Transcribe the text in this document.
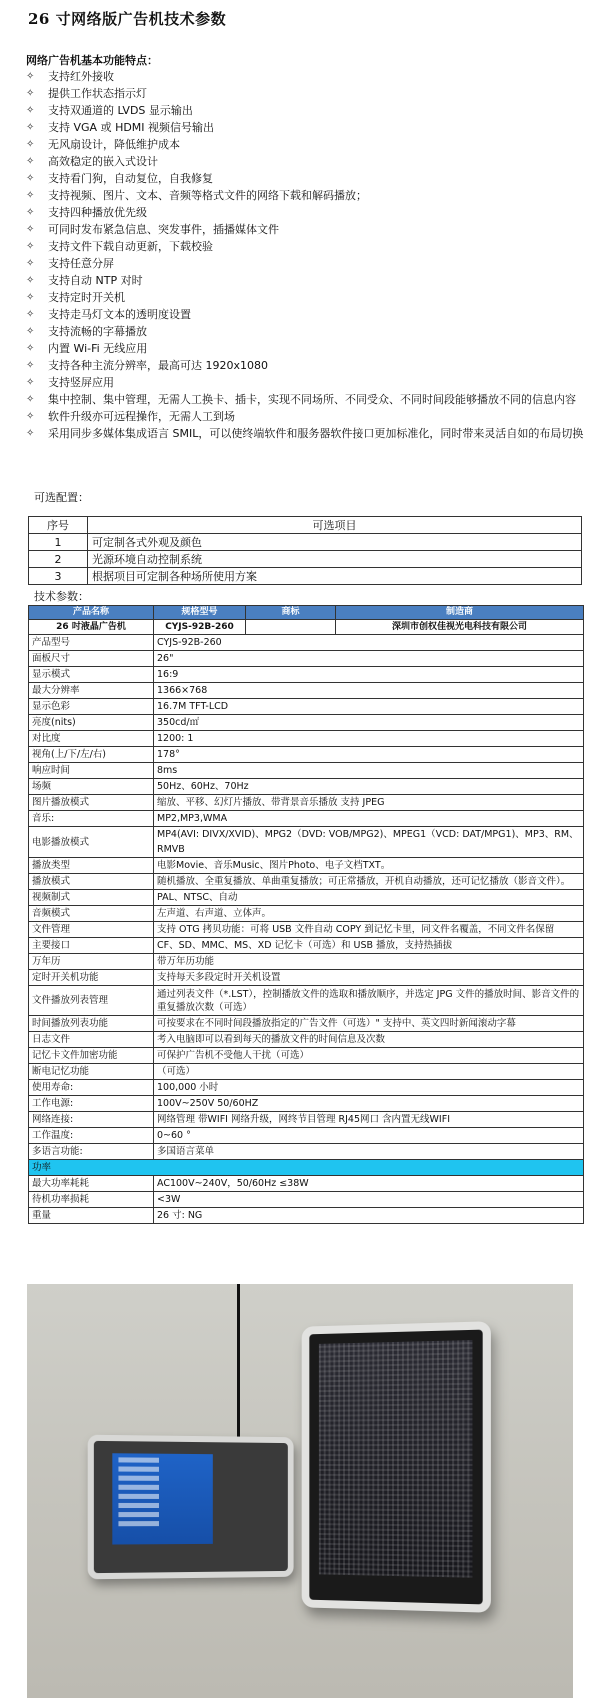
26 寸网络版广告机技术参数
网络广告机基本功能特点：
✧ 支持红外接收
✧ 提供工作状态指示灯
✧ 支持双通道的 LVDS 显示输出
✧ 支持 VGA 或 HDMI 视频信号输出
✧ 无风扇设计，降低维护成本
✧ 高效稳定的嵌入式设计
✧ 支持看门狗，自动复位，自我修复
✧ 支持视频、图片、文本、音频等格式文件的网络下载和解码播放；
✧ 支持四种播放优先级
✧ 可同时发布紧急信息、突发事件，插播媒体文件
✧ 支持文件下载自动更新，下载校验
✧ 支持任意分屏
✧ 支持自动 NTP 对时
✧ 支持定时开关机
✧ 支持走马灯文本的透明度设置
✧ 支持流畅的字幕播放
✧ 内置 Wi-Fi 无线应用
✧ 支持各种主流分辨率，最高可达 1920x1080
✧ 支持竖屏应用
✧ 集中控制、集中管理，无需人工换卡、插卡，实现不同场所、不同受众、不同时间段能够播放不同的信息内容
✧ 软件升级亦可远程操作，无需人工到场
✧ 采用同步多媒体集成语言 SMIL，可以使终端软件和服务器软件接口更加标准化，同时带来灵活自如的布局切换
可选配置：
序号	可选项目
1	可定制各式外观及颜色
2	光源环境自动控制系统
3	根据项目可定制各种场所使用方案
技术参数：
产品名称	规格型号	商标	制造商
26 吋液晶广告机	CYJS-92B-260		深圳市创权佳视光电科技有限公司
产品型号	CYJS-92B-260		
面板尺寸	26"		
显示模式	16:9		
最大分辨率	1366×768		
显示色彩	16.7M TFT-LCD		
亮度(nits)	350cd/㎡		
对比度	1200: 1		
视角(上/下/左/右)	178°		
响应时间	8ms		
场频	50Hz、60Hz、70Hz		
图片播放模式	缩放、平移、幻灯片播放、带背景音乐播放 支持 JPEG		
音乐:	MP2,MP3,WMA		
电影播放模式	MP4(AVI: DIVX/XVID)、MPG2（DVD: VOB/MPG2)、MPEG1（VCD: DAT/MPG1)、MP3、RM、RMVB		
播放类型	电影Movie、音乐Music、图片Photo、电子文档TXT。		
播放模式	随机播放、全重复播放、单曲重复播放；可正常播放，开机自动播放，还可记忆播放（影音文件）。		
视频制式	PAL、NTSC、自动		
音频模式	左声道、右声道、立体声。		
文件管理	支持 OTG 拷贝功能：可将 USB 文件自动 COPY 到记忆卡里，同文件名覆盖，不同文件名保留		
主要接口	CF、SD、MMC、MS、XD 记忆卡（可选）和 USB 播放，支持热插拔		
万年历	带万年历功能		
定时开关机功能	支持每天多段定时开关机设置		
文件播放列表管理	通过列表文件（*.LST），控制播放文件的选取和播放顺序，并选定 JPG 文件的播放时间、影音文件的重复播放次数（可选）		
时间播放列表功能	可按要求在不同时间段播放指定的广告文件（可选）" 支持中、英文四时新闻滚动字幕		
日志文件	考入电脑即可以看到每天的播放文件的时间信息及次数		
记忆卡文件加密功能	可保护广告机不受他人干扰（可选）		
断电记忆功能	（可选）		
使用寿命:	100,000 小时		
工作电源:	100V~250V 50/60HZ		
网络连接:	网络管理 带WIFI 网络升级，网终节目管理 RJ45网口 含内置无线WIFI		
工作温度:	0~60 °		
多语言功能:	多国语言菜单		
功率			
最大功率耗耗	AC100V~240V，50/60Hz ≤38W		
待机功率损耗	<3W		
重量	26 寸: NG		
